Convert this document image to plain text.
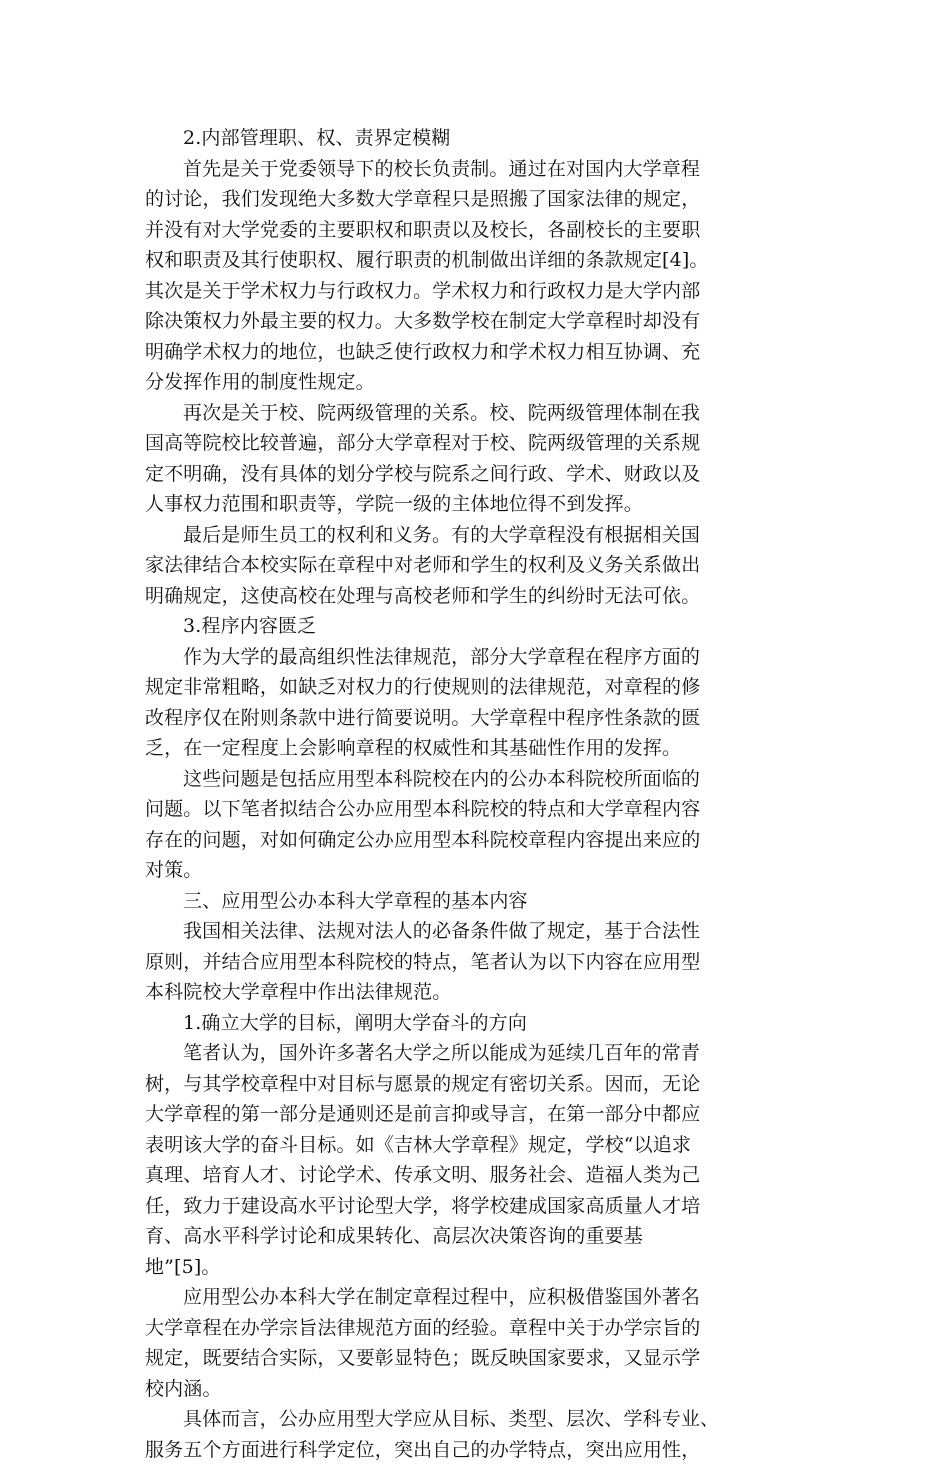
2.内部管理职、权、责界定模糊
首先是关于党委领导下的校长负责制。通过在对国内大学章程
的讨论，我们发现绝大多数大学章程只是照搬了国家法律的规定，
并没有对大学党委的主要职权和职责以及校长，各副校长的主要职
权和职责及其行使职权、履行职责的机制做出详细的条款规定[4]。
其次是关于学术权力与行政权力。学术权力和行政权力是大学内部
除决策权力外最主要的权力。大多数学校在制定大学章程时却没有
明确学术权力的地位，也缺乏使行政权力和学术权力相互协调、充
分发挥作用的制度性规定。
再次是关于校、院两级管理的关系。校、院两级管理体制在我
国高等院校比较普遍，部分大学章程对于校、院两级管理的关系规
定不明确，没有具体的划分学校与院系之间行政、学术、财政以及
人事权力范围和职责等，学院一级的主体地位得不到发挥。
最后是师生员工的权利和义务。有的大学章程没有根据相关国
家法律结合本校实际在章程中对老师和学生的权利及义务关系做出
明确规定，这使高校在处理与高校老师和学生的纠纷时无法可依。
3.程序内容匮乏
作为大学的最高组织性法律规范，部分大学章程在程序方面的
规定非常粗略，如缺乏对权力的行使规则的法律规范，对章程的修
改程序仅在附则条款中进行简要说明。大学章程中程序性条款的匮
乏，在一定程度上会影响章程的权威性和其基础性作用的发挥。
这些问题是包括应用型本科院校在内的公办本科院校所面临的
问题。以下笔者拟结合公办应用型本科院校的特点和大学章程内容
存在的问题，对如何确定公办应用型本科院校章程内容提出来应的
对策。
三、应用型公办本科大学章程的基本内容
我国相关法律、法规对法人的必备条件做了规定，基于合法性
原则，并结合应用型本科院校的特点，笔者认为以下内容在应用型
本科院校大学章程中作出法律规范。
1.确立大学的目标，阐明大学奋斗的方向
笔者认为，国外许多著名大学之所以能成为延续几百年的常青
树，与其学校章程中对目标与愿景的规定有密切关系。因而，无论
大学章程的第一部分是通则还是前言抑或导言，在第一部分中都应
表明该大学的奋斗目标。如《吉林大学章程》规定，学校“以追求
真理、培育人才、讨论学术、传承文明、服务社会、造福人类为己
任，致力于建设高水平讨论型大学，将学校建成国家高质量人才培
育、高水平科学讨论和成果转化、高层次决策咨询的重要基
地”[5]。
应用型公办本科大学在制定章程过程中，应积极借鉴国外著名
大学章程在办学宗旨法律规范方面的经验。章程中关于办学宗旨的
规定，既要结合实际，又要彰显特色；既反映国家要求，又显示学
校内涵。
具体而言，公办应用型大学应从目标、类型、层次、学科专业、
服务五个方面进行科学定位，突出自己的办学特点，突出应用性，
